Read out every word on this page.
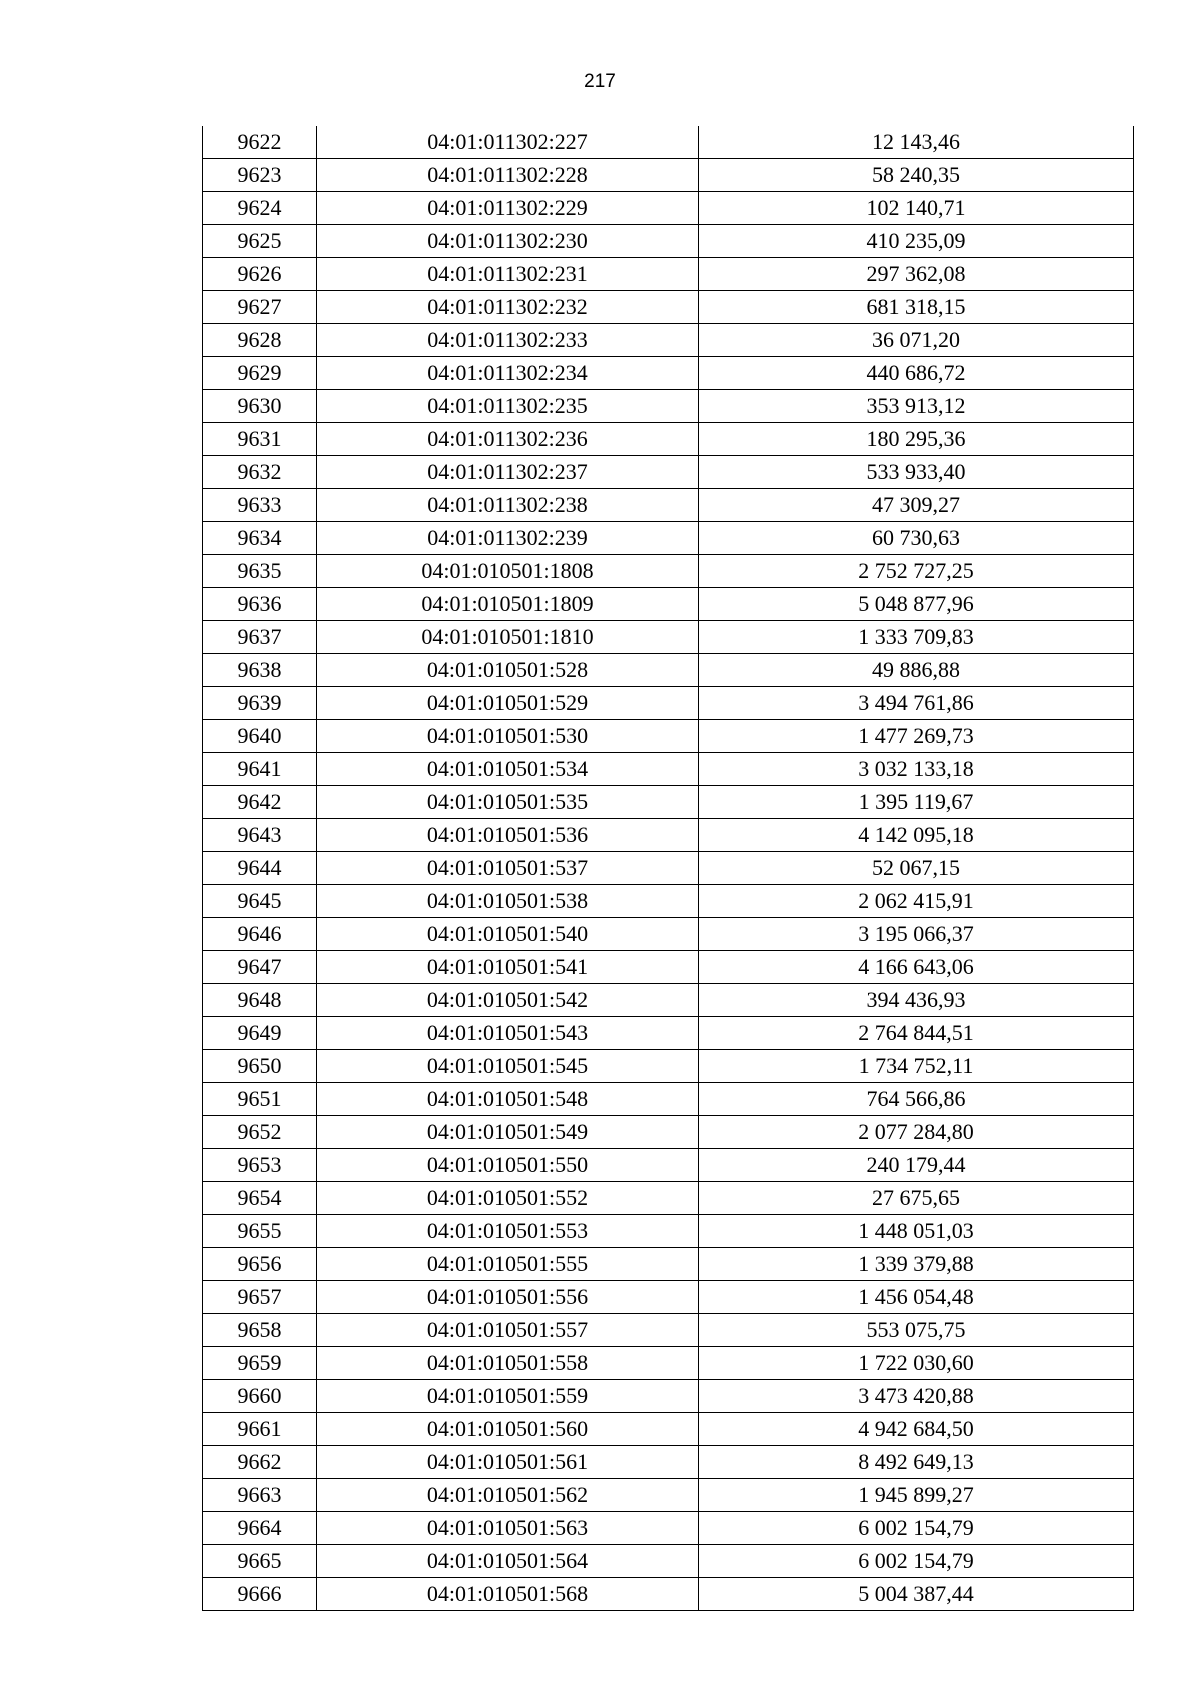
217
9622	04:01:011302:227	12 143,46
9623	04:01:011302:228	58 240,35
9624	04:01:011302:229	102 140,71
9625	04:01:011302:230	410 235,09
9626	04:01:011302:231	297 362,08
9627	04:01:011302:232	681 318,15
9628	04:01:011302:233	36 071,20
9629	04:01:011302:234	440 686,72
9630	04:01:011302:235	353 913,12
9631	04:01:011302:236	180 295,36
9632	04:01:011302:237	533 933,40
9633	04:01:011302:238	47 309,27
9634	04:01:011302:239	60 730,63
9635	04:01:010501:1808	2 752 727,25
9636	04:01:010501:1809	5 048 877,96
9637	04:01:010501:1810	1 333 709,83
9638	04:01:010501:528	49 886,88
9639	04:01:010501:529	3 494 761,86
9640	04:01:010501:530	1 477 269,73
9641	04:01:010501:534	3 032 133,18
9642	04:01:010501:535	1 395 119,67
9643	04:01:010501:536	4 142 095,18
9644	04:01:010501:537	52 067,15
9645	04:01:010501:538	2 062 415,91
9646	04:01:010501:540	3 195 066,37
9647	04:01:010501:541	4 166 643,06
9648	04:01:010501:542	394 436,93
9649	04:01:010501:543	2 764 844,51
9650	04:01:010501:545	1 734 752,11
9651	04:01:010501:548	764 566,86
9652	04:01:010501:549	2 077 284,80
9653	04:01:010501:550	240 179,44
9654	04:01:010501:552	27 675,65
9655	04:01:010501:553	1 448 051,03
9656	04:01:010501:555	1 339 379,88
9657	04:01:010501:556	1 456 054,48
9658	04:01:010501:557	553 075,75
9659	04:01:010501:558	1 722 030,60
9660	04:01:010501:559	3 473 420,88
9661	04:01:010501:560	4 942 684,50
9662	04:01:010501:561	8 492 649,13
9663	04:01:010501:562	1 945 899,27
9664	04:01:010501:563	6 002 154,79
9665	04:01:010501:564	6 002 154,79
9666	04:01:010501:568	5 004 387,44
